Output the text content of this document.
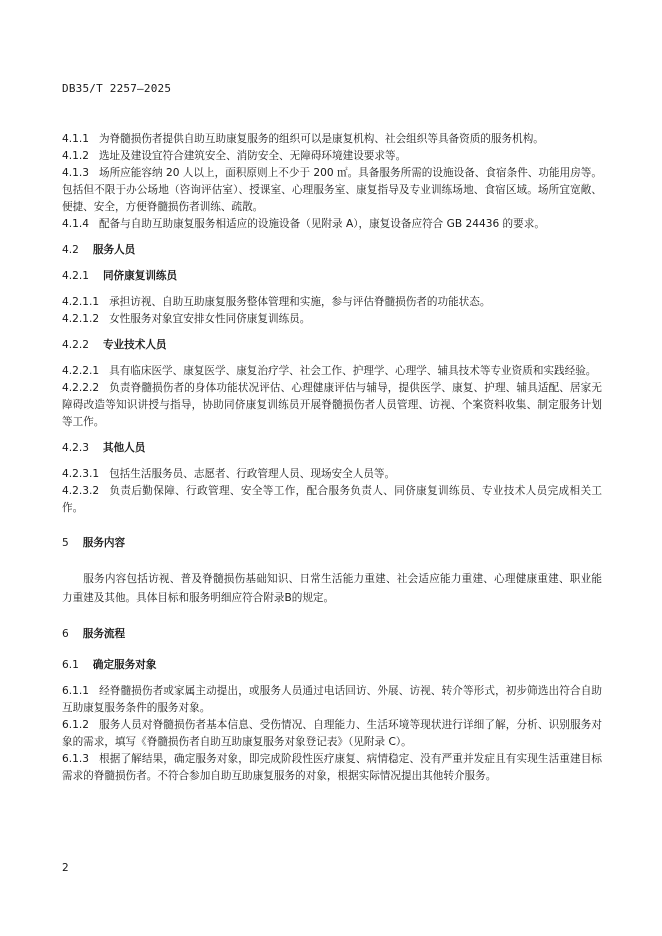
DB35/T 2257—2025

4.1.1 为脊髓损伤者提供自助互助康复服务的组织可以是康复机构、社会组织等具备资质的服务机构。

4.1.2 选址及建设宜符合建筑安全、消防安全、无障碍环境建设要求等。

4.1.3 场所应能容纳 20 人以上，面积原则上不少于 200 ㎡。具备服务所需的设施设备、食宿条件、功能用房等。包括但不限于办公场地（咨询评估室）、授课室、心理服务室、康复指导及专业训练场地、食宿区域。场所宜宽敞、便捷、安全，方便脊髓损伤者训练、疏散。

4.1.4 配备与自助互助康复服务相适应的设施设备（见附录 A），康复设备应符合 GB 24436 的要求。

4.2 服务人员

4.2.1 同侪康复训练员

4.2.1.1 承担访视、自助互助康复服务整体管理和实施，参与评估脊髓损伤者的功能状态。

4.2.1.2 女性服务对象宜安排女性同侪康复训练员。

4.2.2 专业技术人员

4.2.2.1 具有临床医学、康复医学、康复治疗学、社会工作、护理学、心理学、辅具技术等专业资质和实践经验。

4.2.2.2 负责脊髓损伤者的身体功能状况评估、心理健康评估与辅导，提供医学、康复、护理、辅具适配、居家无障碍改造等知识讲授与指导，协助同侪康复训练员开展脊髓损伤者人员管理、访视、个案资料收集、制定服务计划等工作。

4.2.3 其他人员

4.2.3.1 包括生活服务员、志愿者、行政管理人员、现场安全人员等。

4.2.3.2 负责后勤保障、行政管理、安全等工作，配合服务负责人、同侪康复训练员、专业技术人员完成相关工作。

5 服务内容

服务内容包括访视、普及脊髓损伤基础知识、日常生活能力重建、社会适应能力重建、心理健康重建、职业能力重建及其他。具体目标和服务明细应符合附录B的规定。

6 服务流程

6.1 确定服务对象

6.1.1 经脊髓损伤者或家属主动提出，或服务人员通过电话回访、外展、访视、转介等形式，初步筛选出符合自助互助康复服务条件的服务对象。

6.1.2 服务人员对脊髓损伤者基本信息、受伤情况、自理能力、生活环境等现状进行详细了解，分析、识别服务对象的需求，填写《脊髓损伤者自助互助康复服务对象登记表》（见附录 C）。

6.1.3 根据了解结果，确定服务对象，即完成阶段性医疗康复、病情稳定、没有严重并发症且有实现生活重建目标需求的脊髓损伤者。不符合参加自助互助康复服务的对象，根据实际情况提出其他转介服务。

2
